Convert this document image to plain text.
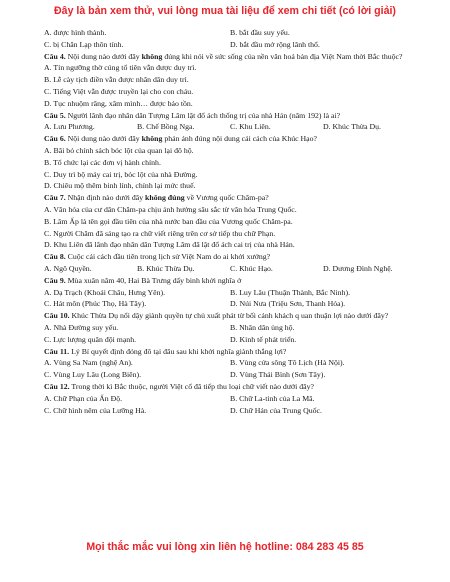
Đây là bản xem thử, vui lòng mua tài liệu để xem chi tiết (có lời giải)
A. được hình thành.	B. bắt đầu suy yếu.
C. bị Chăn Lạp thôn tính.	D. bắt đầu mở rộng lãnh thổ.
Câu 4. Nội dung nào dưới đây không đúng khi nói về sức sống của nền văn hoá bản địa Việt Nam thời Bắc thuộc?
A. Tín ngưỡng thờ cúng tổ tiên vẫn được duy trì.
B. Lễ cày tịch điền vẫn được nhân dân duy trì.
C. Tiếng Việt vẫn được truyền lại cho con cháu.
D. Tục nhuộm răng, xăm mình… được bảo tồn.
Câu 5. Người lãnh đạo nhân dân Tượng Lâm lật đổ ách thống trị của nhà Hán (năm 192) là ai?
A. Lưu Phương.	B. Chế Bồng Nga.	C. Khu Liên.	D. Khúc Thừa Dụ.
Câu 6. Nội dung nào dưới đây không phản ánh đúng nội dung cải cách của Khúc Hạo?
A. Bãi bỏ chính sách bóc lột của quan lại đô hộ.
B. Tổ chức lại các đơn vị hành chính.
C. Duy trì bộ máy cai trị, bóc lột của nhà Đường.
D. Chiêu mộ thêm binh lính, chính lại mức thuế.
Câu 7. Nhận định nào dưới đây không đúng về Vương quốc Chăm-pa?
A. Văn hóa của cư dân Chăm-pa chịu ảnh hưởng sâu sắc từ văn hóa Trung Quốc.
B. Lâm Ấp là tên gọi đầu tiên của nhà nước ban đầu của Vương quốc Chăm-pa.
C. Người Chăm đã sáng tạo ra chữ viết riêng trên cơ sở tiếp thu chữ Phạn.
D. Khu Liên đã lãnh đạo nhân dân Tượng Lâm đã lật đổ ách cai trị của nhà Hán.
Câu 8. Cuộc cải cách đầu tiên trong lịch sử Việt Nam do ai khởi xướng?
A. Ngô Quyền.	B. Khúc Thừa Dụ.	C. Khúc Hạo.	D. Dương Đình Nghệ.
Câu 9. Mùa xuân năm 40, Hai Bà Trưng dấy binh khởi nghĩa ở
A. Dạ Trạch (Khoái Châu, Hưng Yên).	B. Luy Lâu (Thuận Thành, Bắc Ninh).
C. Hát môn (Phúc Thọ, Hà Tây).	D. Núi Nưa (Triệu Sơn, Thanh Hóa).
Câu 10. Khúc Thừa Dụ nổi dậy giành quyền tự chủ xuất phát từ bối cảnh khách q uan thuận lợi nào dưới đây?
A. Nhà Đường suy yếu.	B. Nhân dân ủng hộ.
C. Lực lượng quân đội mạnh.	D. Kinh tế phát triển.
Câu 11. Lý Bí quyết định đóng đô tại đâu sau khi khởi nghĩa giành thắng lợi?
A. Vùng Sa Nam (nghệ An).	B. Vùng cửa sông Tô Lịch (Hà Nội).
C. Vùng Luy Lâu (Long Biên).	D. Vùng Thái Bình (Sơn Tây).
Câu 12. Trong thời kì Bắc thuộc, người Việt cổ đã tiếp thu loại chữ viết nào dưới đây?
A. Chữ Phạn của Ấn Độ.	B. Chữ La-tinh của La Mã.
C. Chữ hình nêm của Lưỡng Hà.	D. Chữ Hán của Trung Quốc.
Mọi thắc mắc vui lòng xin liên hệ hotline: 084 283 45 85
